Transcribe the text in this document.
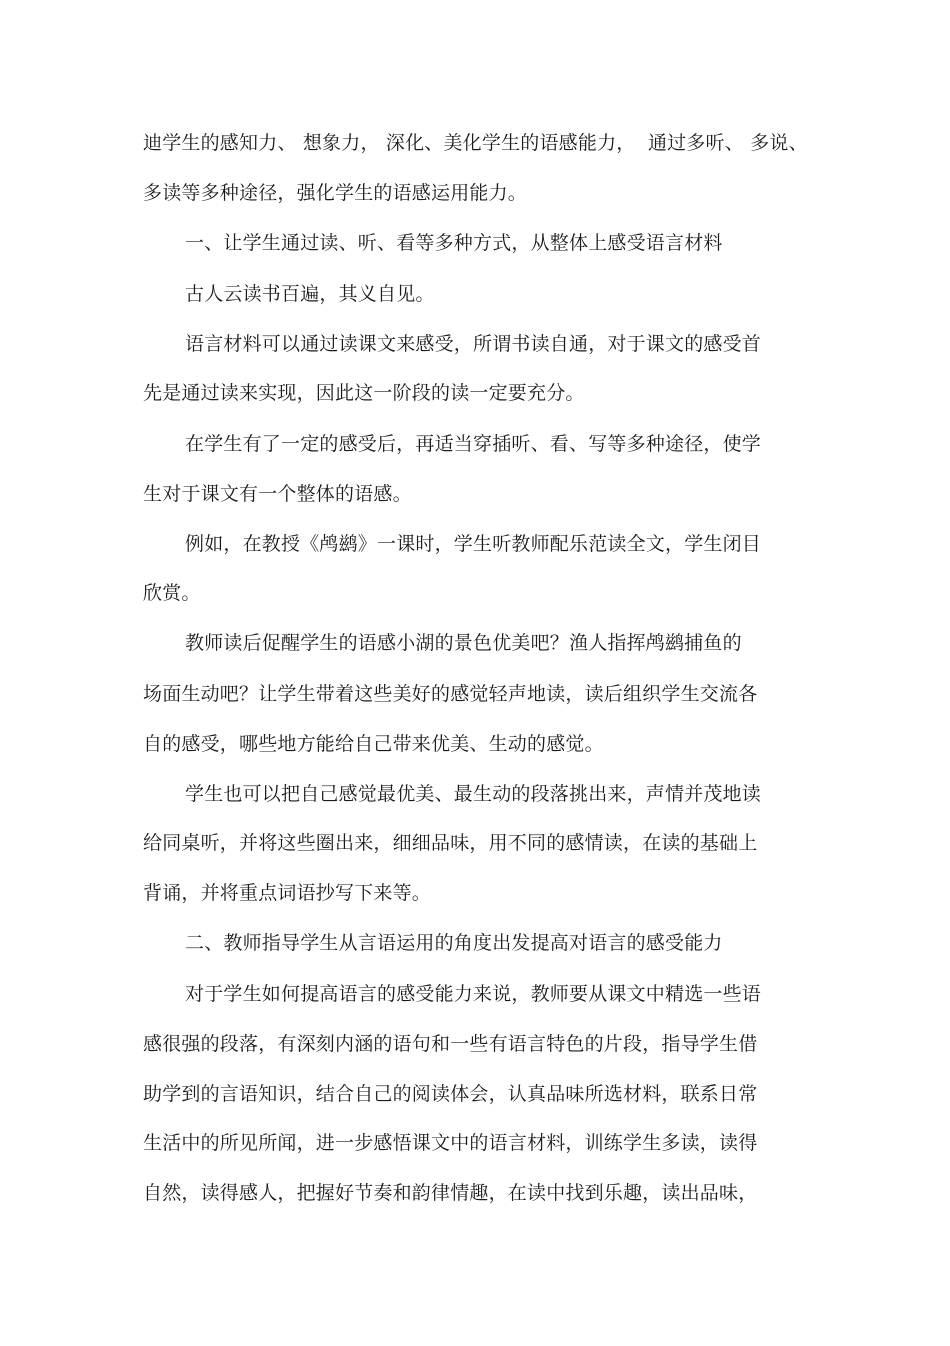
迪学生的感知力、 想象力， 深化、美化学生的语感能力，  通过多听、 多说、
多读等多种途径，强化学生的语感运用能力。
一、让学生通过读、听、看等多种方式，从整体上感受语言材料
古人云读书百遍，其义自见。
语言材料可以通过读课文来感受，所谓书读自通，对于课文的感受首
先是通过读来实现，因此这一阶段的读一定要充分。
在学生有了一定的感受后，再适当穿插听、看、写等多种途径，使学
生对于课文有一个整体的语感。
例如，在教授《鸬鹚》一课时，学生听教师配乐范读全文，学生闭目
欣赏。
教师读后促醒学生的语感小湖的景色优美吧？渔人指挥鸬鹚捕鱼的
场面生动吧？让学生带着这些美好的感觉轻声地读，读后组织学生交流各
自的感受，哪些地方能给自己带来优美、生动的感觉。
学生也可以把自己感觉最优美、最生动的段落挑出来，声情并茂地读
给同桌听，并将这些圈出来，细细品味，用不同的感情读，在读的基础上
背诵，并将重点词语抄写下来等。
二、教师指导学生从言语运用的角度出发提高对语言的感受能力
对于学生如何提高语言的感受能力来说，教师要从课文中精选一些语
感很强的段落，有深刻内涵的语句和一些有语言特色的片段，指导学生借
助学到的言语知识，结合自己的阅读体会，认真品味所选材料，联系日常
生活中的所见所闻，进一步感悟课文中的语言材料，训练学生多读，读得
自然，读得感人，把握好节奏和韵律情趣，在读中找到乐趣，读出品味，
